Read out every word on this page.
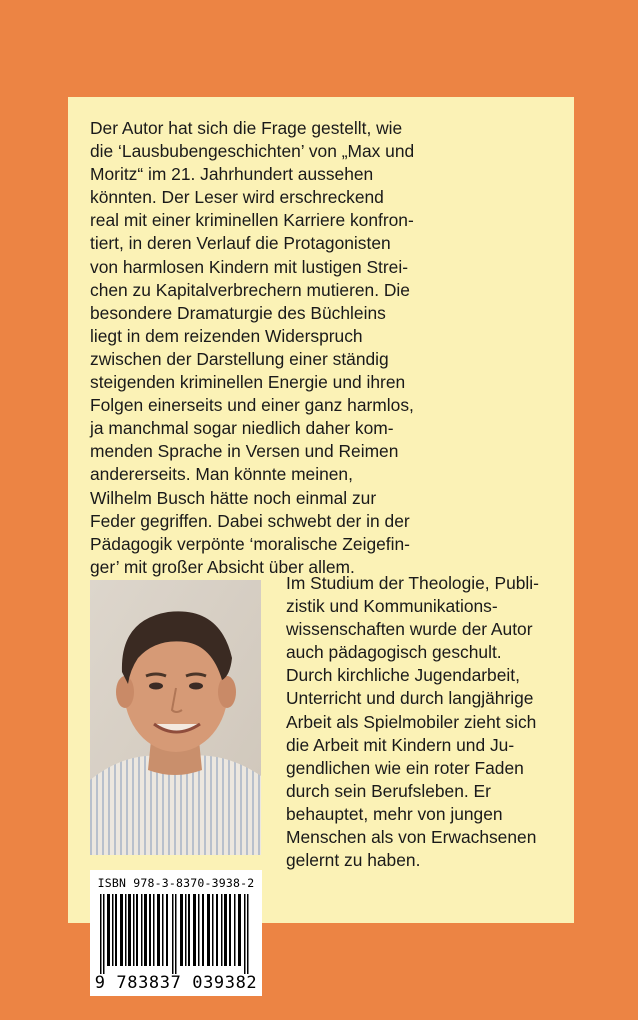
Der Autor hat sich die Frage gestellt, wie
die ‘Lausbubengeschichten’ von „Max und
Moritz“ im 21. Jahrhundert aussehen
könnten. Der Leser wird erschreckend
real mit einer kriminellen Karriere konfron-
tiert, in deren Verlauf die Protagonisten
von harmlosen Kindern mit lustigen Strei-
chen zu Kapitalverbrechern mutieren. Die
besondere Dramaturgie des Büchleins
liegt in dem reizenden Widerspruch
zwischen der Darstellung einer ständig
steigenden kriminellen Energie und ihren
Folgen einerseits und einer ganz harmlos,
ja manchmal sogar niedlich daher kom-
menden Sprache in Versen und Reimen
andererseits. Man könnte meinen,
Wilhelm Busch hätte noch einmal zur
Feder gegriffen. Dabei schwebt der in der
Pädagogik verpönte ‘moralische Zeigefin-
ger’ mit großer Absicht über allem.

Im Studium der Theologie, Publi-
zistik und Kommunikations-
wissenschaften wurde der Autor
auch pädagogisch geschult.
Durch kirchliche Jugendarbeit,
Unterricht und durch langjährige
Arbeit als Spielmobiler zieht sich
die Arbeit mit Kindern und Ju-
gendlichen wie ein roter Faden
durch sein Berufsleben. Er
behauptet, mehr von jungen
Menschen als von Erwachsenen
gelernt zu haben.

ISBN 978-3-8370-3938-2
9 783837 039382
